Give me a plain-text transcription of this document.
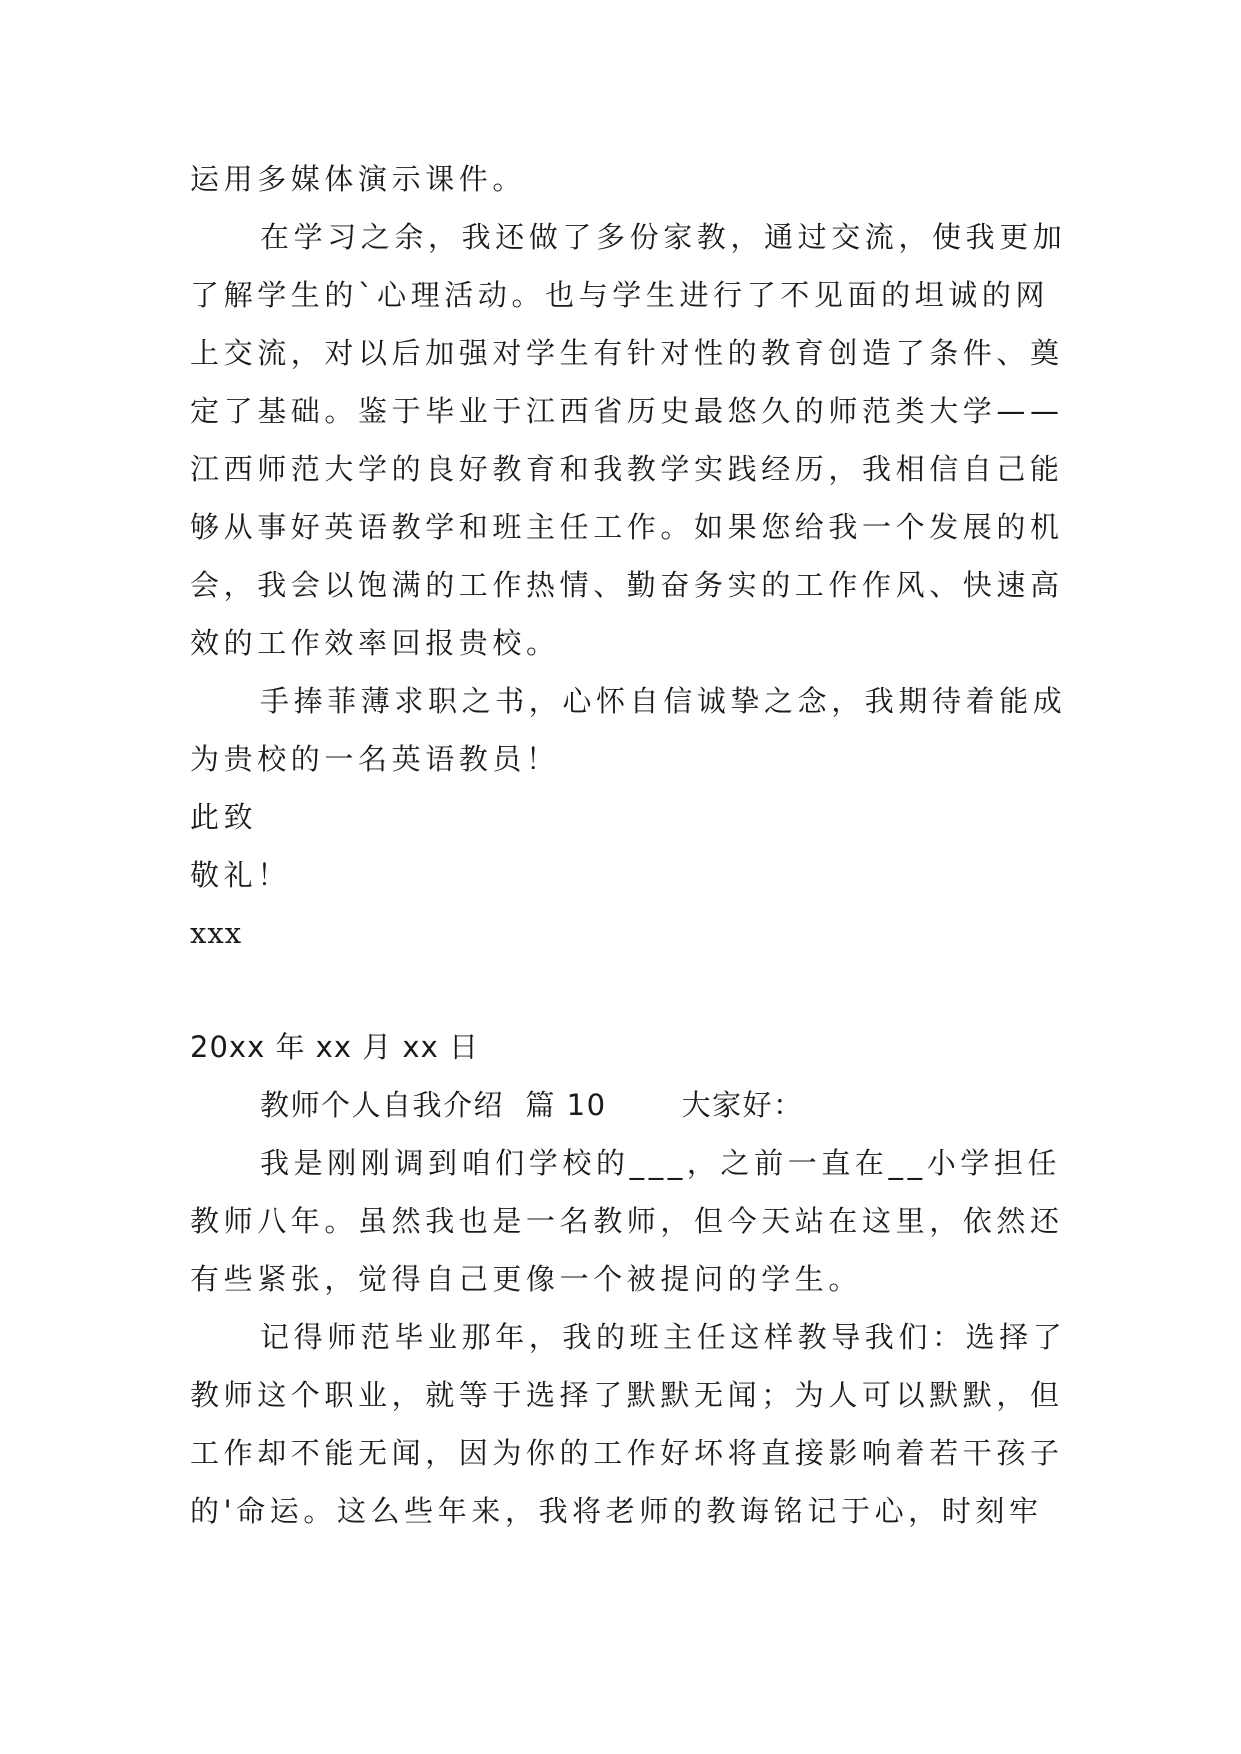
运用多媒体演示课件。
在学习之余，我还做了多份家教，通过交流，使我更加
了解学生的`心理活动。也与学生进行了不见面的坦诚的网
上交流，对以后加强对学生有针对性的教育创造了条件、奠
定了基础。鉴于毕业于江西省历史最悠久的师范类大学——
江西师范大学的良好教育和我教学实践经历，我相信自己能
够从事好英语教学和班主任工作。如果您给我一个发展的机
会，我会以饱满的工作热情、勤奋务实的工作作风、快速高
效的工作效率回报贵校。
手捧菲薄求职之书，心怀自信诚挚之念，我期待着能成
为贵校的一名英语教员！
此致
敬礼！
xxx
20xx 年 xx 月 xx 日
教师个人自我介绍  篇 10       大家好：
我是刚刚调到咱们学校的___，之前一直在__小学担任
教师八年。虽然我也是一名教师，但今天站在这里，依然还
有些紧张，觉得自己更像一个被提问的学生。
记得师范毕业那年，我的班主任这样教导我们：选择了
教师这个职业，就等于选择了默默无闻；为人可以默默，但
工作却不能无闻，因为你的工作好坏将直接影响着若干孩子
的'命运。这么些年来，我将老师的教诲铭记于心，时刻牢
